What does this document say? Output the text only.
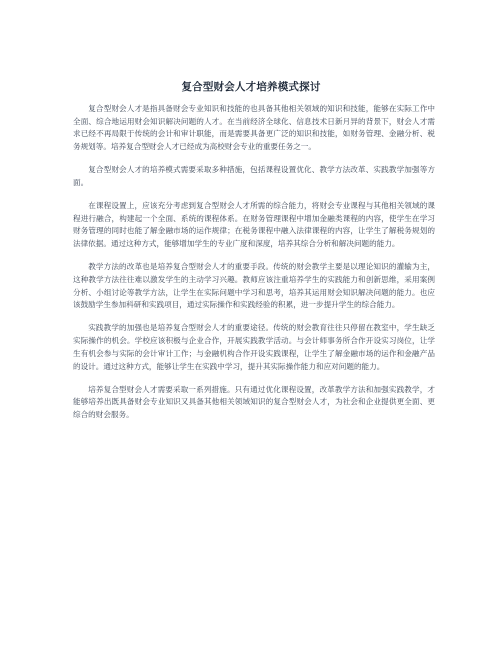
复合型财会人才培养模式探讨

复合型财会人才是指具备财会专业知识和技能的也具备其他相关领域的知识和技能，能够在实际工作中全面、综合地运用财会知识解决问题的人才。在当前经济全球化、信息技术日新月异的背景下，财会人才需求已经不再局限于传统的会计和审计职能，而是需要具备更广泛的知识和技能，如财务管理、金融分析、税务规划等。培养复合型财会人才已经成为高校财会专业的重要任务之一。

复合型财会人才的培养模式需要采取多种措施，包括课程设置优化、教学方法改革、实践教学加强等方面。

在课程设置上，应该充分考虑到复合型财会人才所需的综合能力，将财会专业课程与其他相关领域的课程进行融合，构建起一个全面、系统的课程体系。在财务管理课程中增加金融类课程的内容，使学生在学习财务管理的同时也能了解金融市场的运作规律；在税务课程中融入法律课程的内容，让学生了解税务规划的法律依据。通过这种方式，能够增加学生的专业广度和深度，培养其综合分析和解决问题的能力。

教学方法的改革也是培养复合型财会人才的重要手段。传统的财会教学主要是以理论知识的灌输为主，这种教学方法往往难以激发学生的主动学习兴趣。教师应该注重培养学生的实践能力和创新思维，采用案例分析、小组讨论等教学方法，让学生在实际问题中学习和思考，培养其运用财会知识解决问题的能力。也应该鼓励学生参加科研和实践项目，通过实际操作和实践经验的积累，进一步提升学生的综合能力。

实践教学的加强也是培养复合型财会人才的重要途径。传统的财会教育往往只停留在教室中，学生缺乏实际操作的机会。学校应该积极与企业合作，开展实践教学活动。与会计师事务所合作开设实习岗位，让学生有机会参与实际的会计审计工作；与金融机构合作开设实践课程，让学生了解金融市场的运作和金融产品的设计。通过这种方式，能够让学生在实践中学习，提升其实际操作能力和应对问题的能力。

培养复合型财会人才需要采取一系列措施。只有通过优化课程设置，改革教学方法和加强实践教学，才能够培养出既具备财会专业知识又具备其他相关领域知识的复合型财会人才，为社会和企业提供更全面、更综合的财会服务。
